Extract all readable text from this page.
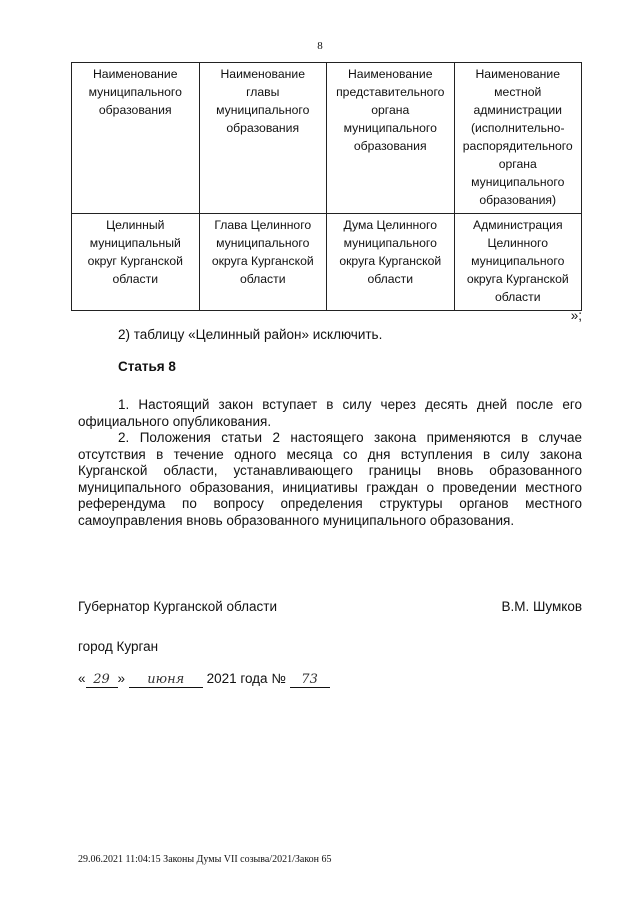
8
Наименование муниципального образования	Наименование главы муниципального образования	Наименование представительного органа муниципального образования	Наименование местной администрации (исполнительно-распорядительного органа муниципального образования)
Целинный муниципальный округ Курганской области	Глава Целинного муниципального округа Курганской области	Дума Целинного муниципального округа Курганской области	Администрация Целинного муниципального округа Курганской области
»;
2) таблицу «Целинный район» исключить.
Статья 8
1. Настоящий закон вступает в силу через десять дней после его официального опубликования.
2. Положения статьи 2 настоящего закона применяются в случае отсутствия в течение одного месяца со дня вступления в силу закона Курганской области, устанавливающего границы вновь образованного муниципального образования, инициативы граждан о проведении местного референдума по вопросу определения структуры органов местного самоуправления вновь образованного муниципального образования.
Губернатор Курганской области	В.М. Шумков
город Курган
« 29 » июня 2021 года № 73
29.06.2021 11:04:15 Законы Думы VII созыва/2021/Закон 65
